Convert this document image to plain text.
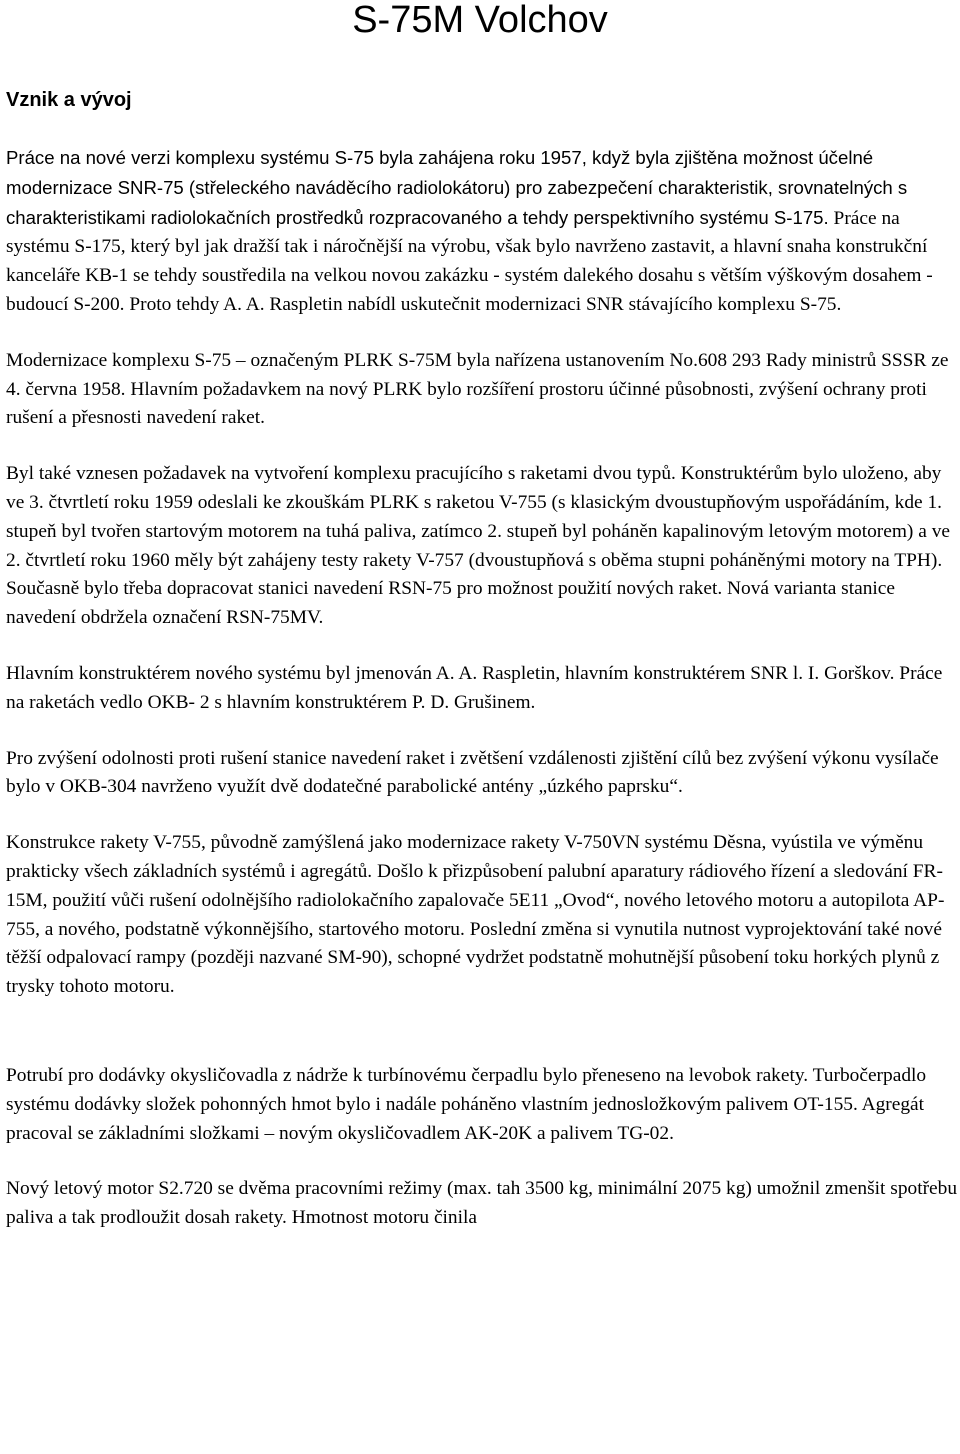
S-75M Volchov
Vznik a vývoj

Práce na nové verzi komplexu systému S-75 byla zahájena roku 1957, když byla zjištěna možnost účelné modernizace SNR-75 (střeleckého naváděcího radiolokátoru) pro zabezpečení charakteristik, srovnatelných s charakteristikami radiolokačních prostředků rozpracovaného a tehdy perspektivního systému S-175. Práce na systému S-175, který byl jak dražší tak i náročnější na výrobu, však bylo navrženo zastavit, a hlavní snaha konstrukční kanceláře KB-1 se tehdy soustředila na velkou novou zakázku - systém dalekého dosahu s větším výškovým dosahem - budoucí S-200. Proto tehdy A. A. Raspletin nabídl uskutečnit modernizaci SNR stávajícího komplexu S-75.

Modernizace komplexu S-75 – označeným PLRK S-75M byla nařízena ustanovením No.608 293 Rady ministrů SSSR ze 4. června 1958. Hlavním požadavkem na nový PLRK bylo rozšíření prostoru účinné působnosti, zvýšení ochrany proti rušení a přesnosti navedení raket.

Byl také vznesen požadavek na vytvoření komplexu pracujícího s raketami dvou typů. Konstruktérům bylo uloženo, aby ve 3. čtvrtletí roku 1959 odeslali ke zkouškám PLRK s raketou V-755 (s klasickým dvoustupňovým uspořádáním, kde 1. stupeň byl tvořen startovým motorem na tuhá paliva, zatímco 2. stupeň byl poháněn kapalinovým letovým motorem) a ve 2. čtvrtletí roku 1960 měly být zahájeny testy rakety V-757 (dvoustupňová s oběma stupni poháněnými motory na TPH). Současně bylo třeba dopracovat stanici navedení RSN-75 pro možnost použití nových raket. Nová varianta stanice navedení obdržela označení RSN-75MV.

Hlavním konstruktérem nového systému byl jmenován A. A. Raspletin, hlavním konstruktérem SNR l. I. Gorškov. Práce na raketách vedlo OKB- 2 s hlavním konstruktérem P. D. Grušinem.

Pro zvýšení odolnosti proti rušení stanice navedení raket i zvětšení vzdálenosti zjištění cílů bez zvýšení výkonu vysílače bylo v OKB-304 navrženo využít dvě dodatečné parabolické antény „úzkého paprsku“.

Konstrukce rakety V-755, původně zamýšlená jako modernizace rakety V-750VN systému Děsna, vyústila ve výměnu prakticky všech základních systémů i agregátů. Došlo k přizpůsobení palubní aparatury rádiového řízení a sledování FR- 15M, použití vůči rušení odolnějšího radiolokačního zapalovače 5E11 „Ovod“, nového letového motoru a autopilota AP-755, a nového, podstatně výkonnějšího, startového motoru. Poslední změna si vynutila nutnost vyprojektování také nové těžší odpalovací rampy (později nazvané SM-90), schopné vydržet podstatně mohutnější působení toku horkých plynů z trysky tohoto motoru.

Potrubí pro dodávky okysličovadla z nádrže k turbínovému čerpadlu bylo přeneseno na levobok rakety. Turbočerpadlo systému dodávky složek pohonných hmot bylo i nadále poháněno vlastním jednosložkovým palivem OT-155. Agregát pracoval se základními složkami – novým okysličovadlem AK-20K a palivem TG-02.

Nový letový motor S2.720 se dvěma pracovními režimy (max. tah 3500 kg, minimální 2075 kg) umožnil zmenšit spotřebu paliva a tak prodloužit dosah rakety. Hmotnost motoru činila
